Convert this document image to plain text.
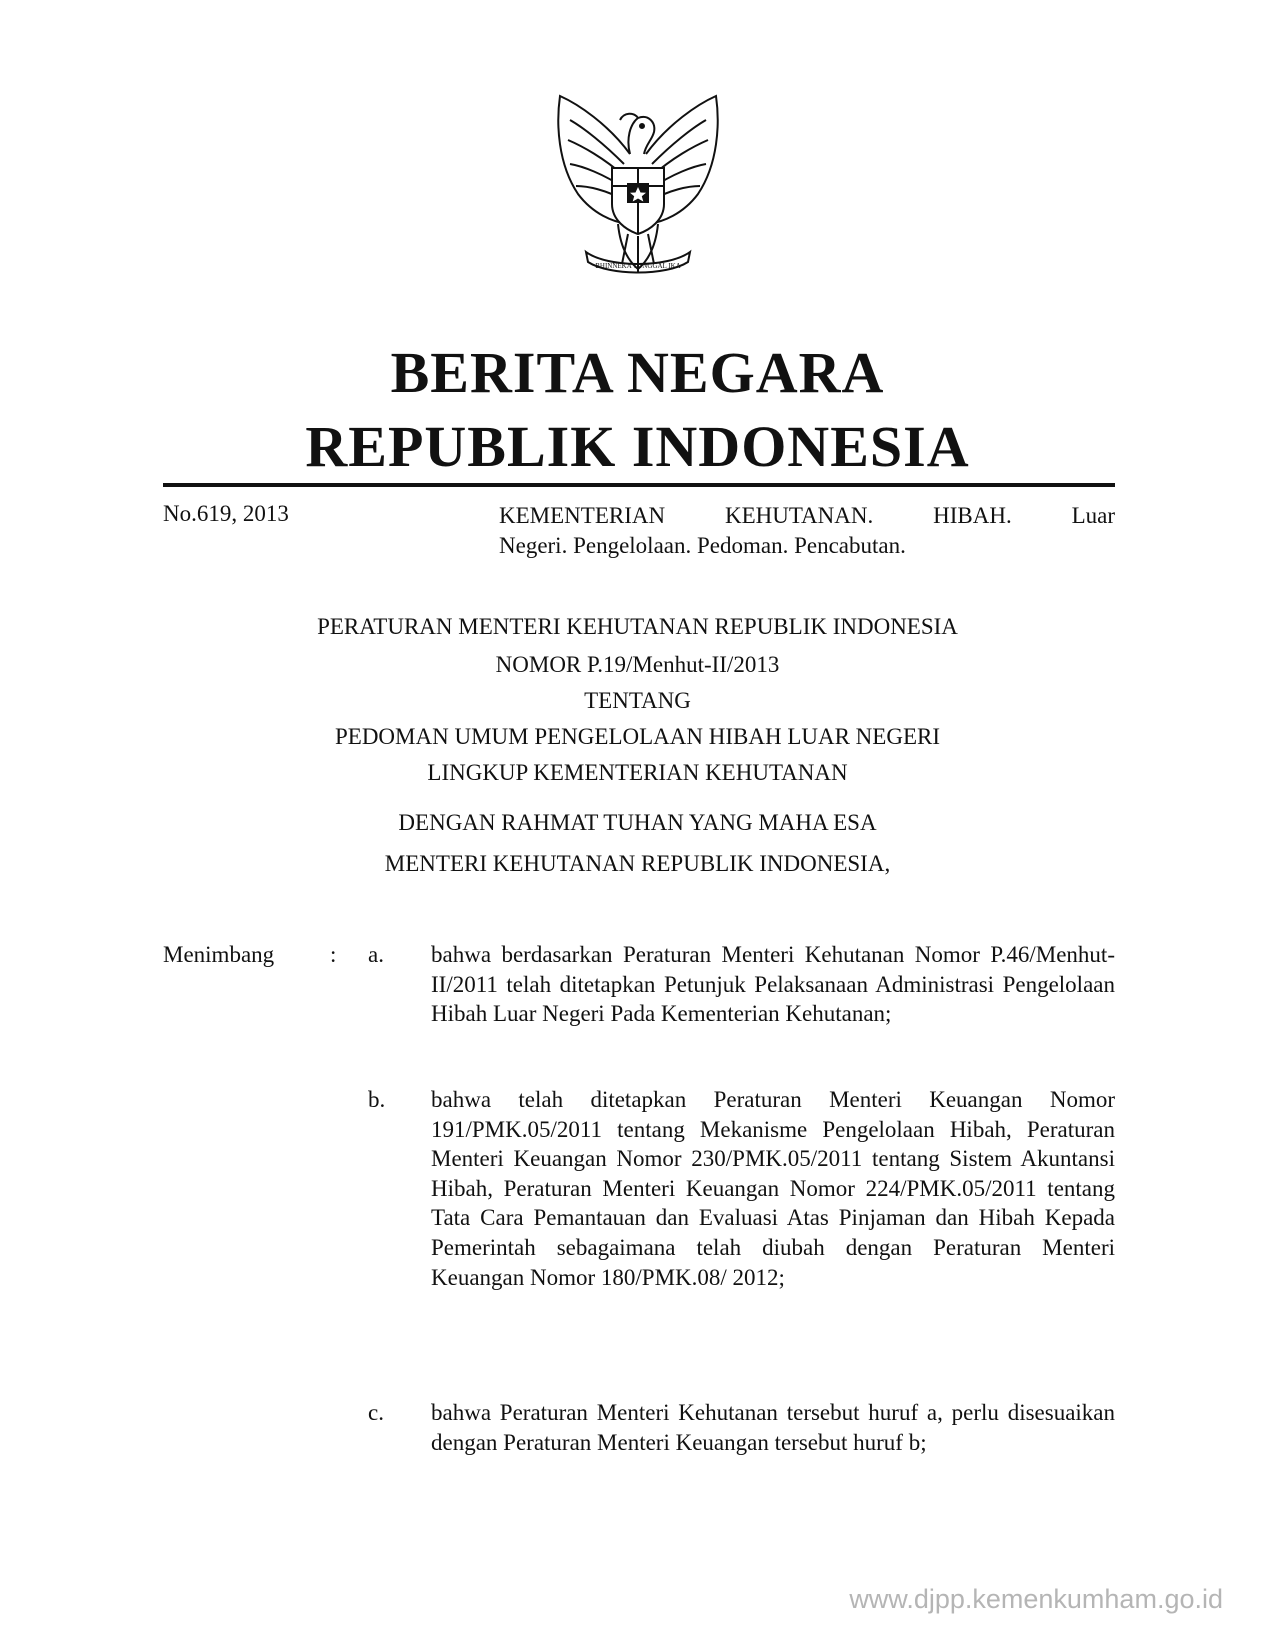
BHINNEKA TUNGGAL IKA
BERITA NEGARA
REPUBLIK INDONESIA
No.619, 2013	KEMENTERIAN KEHUTANAN. HIBAH. Luar
Negeri. Pengelolaan. Pedoman. Pencabutan.
PERATURAN MENTERI KEHUTANAN REPUBLIK INDONESIA
NOMOR P.19/Menhut-II/2013
TENTANG
PEDOMAN UMUM PENGELOLAAN HIBAH LUAR NEGERI
LINGKUP KEMENTERIAN KEHUTANAN
DENGAN RAHMAT TUHAN YANG MAHA ESA
MENTERI KEHUTANAN REPUBLIK INDONESIA,
Menimbang : a. bahwa berdasarkan Peraturan Menteri Kehutanan Nomor P.46/Menhut-II/2011 telah ditetapkan Petunjuk Pelaksanaan Administrasi Pengelolaan Hibah Luar Negeri Pada Kementerian Kehutanan;
b. bahwa telah ditetapkan Peraturan Menteri Keuangan Nomor 191/PMK.05/2011 tentang Mekanisme Pengelolaan Hibah, Peraturan Menteri Keuangan Nomor 230/PMK.05/2011 tentang Sistem Akuntansi Hibah, Peraturan Menteri Keuangan Nomor 224/PMK.05/2011 tentang Tata Cara Pemantauan dan Evaluasi Atas Pinjaman dan Hibah Kepada Pemerintah sebagaimana telah diubah dengan Peraturan Menteri Keuangan Nomor 180/PMK.08/ 2012;
c. bahwa Peraturan Menteri Kehutanan tersebut huruf a, perlu disesuaikan dengan Peraturan Menteri Keuangan tersebut huruf b;
www.djpp.kemenkumham.go.id
